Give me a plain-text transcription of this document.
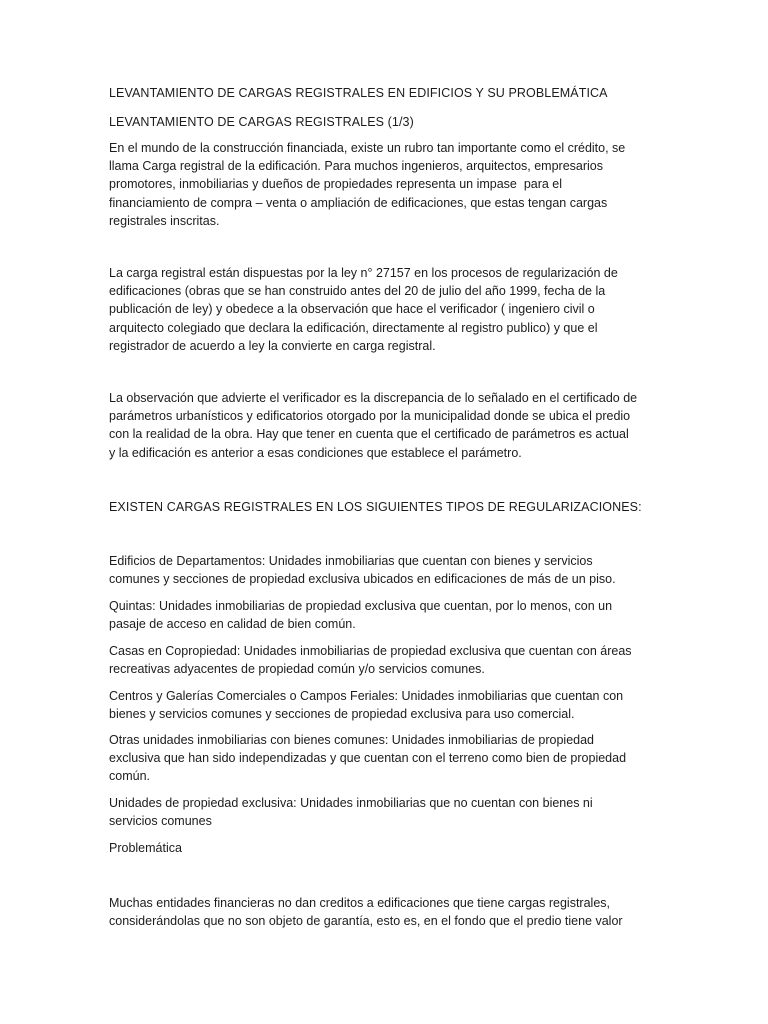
LEVANTAMIENTO DE CARGAS REGISTRALES EN EDIFICIOS Y SU PROBLEMÁTICA
LEVANTAMIENTO DE CARGAS REGISTRALES (1/3)
En el mundo de la construcción financiada, existe un rubro tan importante como el crédito, se
llama Carga registral de la edificación. Para muchos ingenieros, arquitectos, empresarios
promotores, inmobiliarias y dueños de propiedades representa un impase  para el
financiamiento de compra – venta o ampliación de edificaciones, que estas tengan cargas
registrales inscritas.
La carga registral están dispuestas por la ley n° 27157 en los procesos de regularización de
edificaciones (obras que se han construido antes del 20 de julio del año 1999, fecha de la
publicación de ley) y obedece a la observación que hace el verificador ( ingeniero civil o
arquitecto colegiado que declara la edificación, directamente al registro publico) y que el
registrador de acuerdo a ley la convierte en carga registral.
La observación que advierte el verificador es la discrepancia de lo señalado en el certificado de
parámetros urbanísticos y edificatorios otorgado por la municipalidad donde se ubica el predio
con la realidad de la obra. Hay que tener en cuenta que el certificado de parámetros es actual
y la edificación es anterior a esas condiciones que establece el parámetro.
EXISTEN CARGAS REGISTRALES EN LOS SIGUIENTES TIPOS DE REGULARIZACIONES:
Edificios de Departamentos: Unidades inmobiliarias que cuentan con bienes y servicios
comunes y secciones de propiedad exclusiva ubicados en edificaciones de más de un piso.
Quintas: Unidades inmobiliarias de propiedad exclusiva que cuentan, por lo menos, con un
pasaje de acceso en calidad de bien común.
Casas en Copropiedad: Unidades inmobiliarias de propiedad exclusiva que cuentan con áreas
recreativas adyacentes de propiedad común y/o servicios comunes.
Centros y Galerías Comerciales o Campos Feriales: Unidades inmobiliarias que cuentan con
bienes y servicios comunes y secciones de propiedad exclusiva para uso comercial.
Otras unidades inmobiliarias con bienes comunes: Unidades inmobiliarias de propiedad
exclusiva que han sido independizadas y que cuentan con el terreno como bien de propiedad
común.
Unidades de propiedad exclusiva: Unidades inmobiliarias que no cuentan con bienes ni
servicios comunes
Problemática
Muchas entidades financieras no dan creditos a edificaciones que tiene cargas registrales,
considerándolas que no son objeto de garantía, esto es, en el fondo que el predio tiene valor
